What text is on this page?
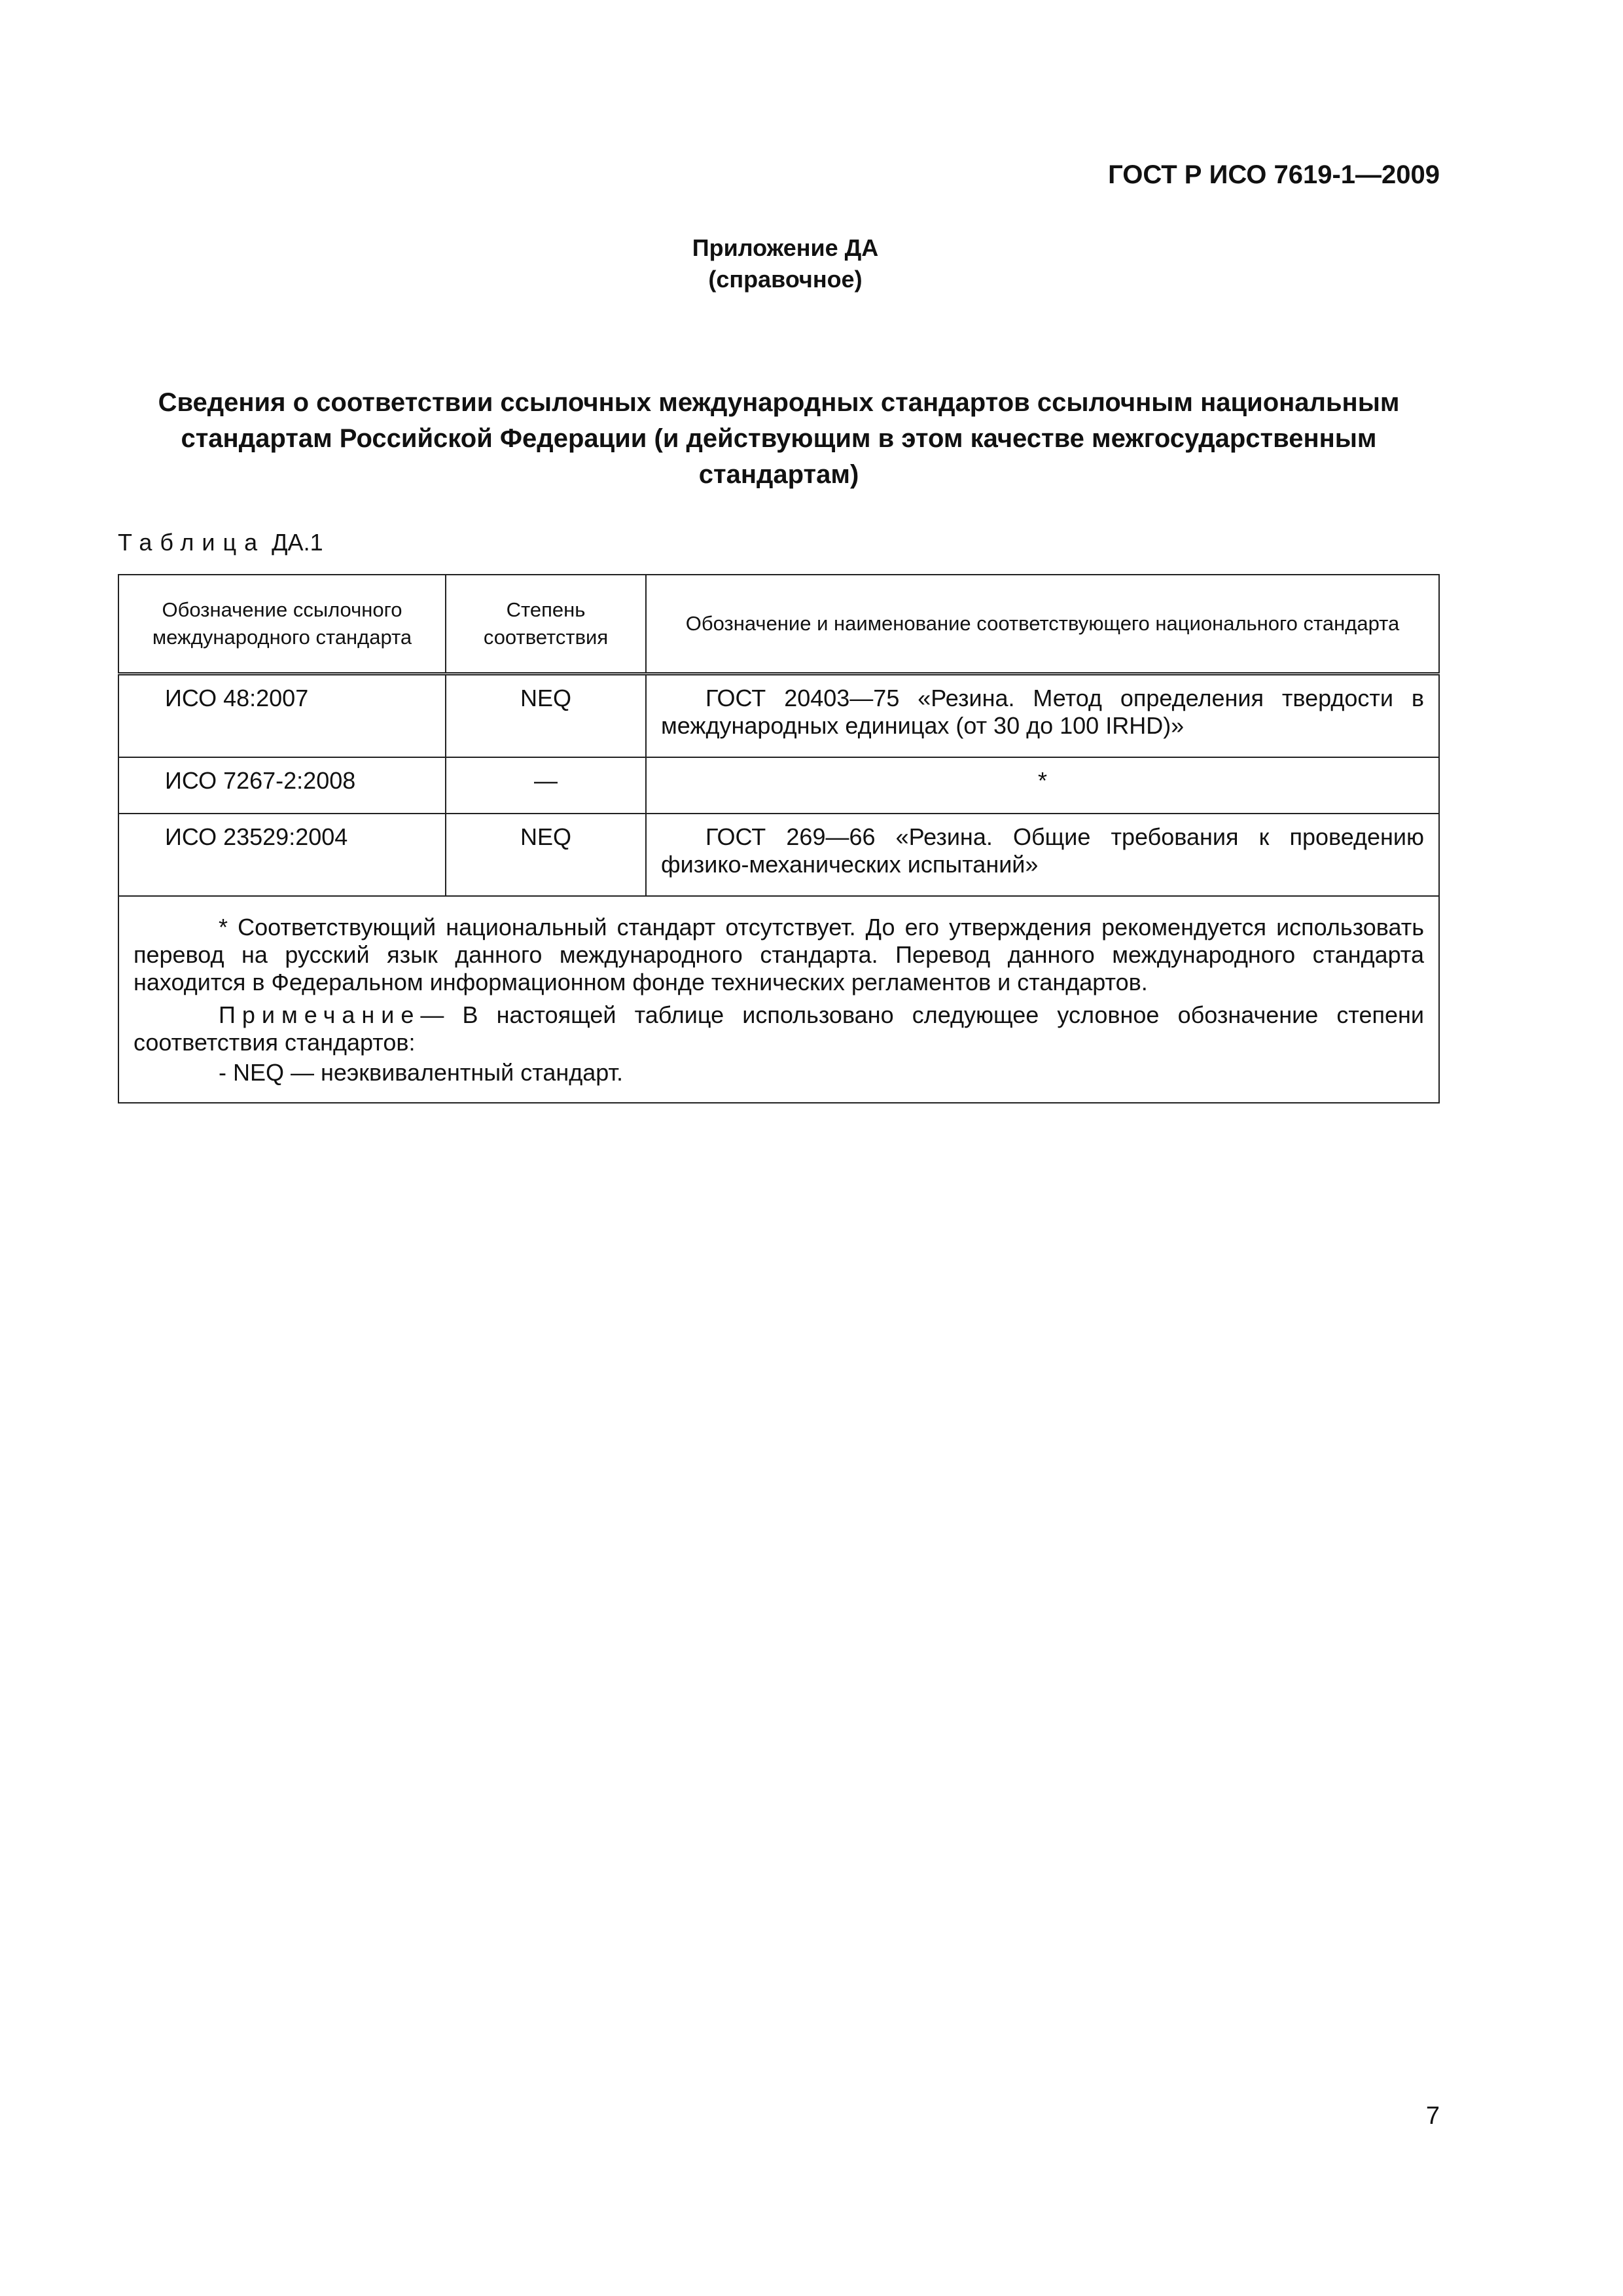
ГОСТ Р ИСО 7619-1—2009
Приложение ДА
(справочное)
Сведения о соответствии ссылочных международных стандартов ссылочным национальным стандартам Российской Федерации (и действующим в этом качестве межгосударственным стандартам)
Таблица ДА.1
Обозначение ссылочного международного стандарта	Степень соответствия	Обозначение и наименование соответствующего национального стандарта
ИСО 48:2007	NEQ	ГОСТ 20403—75 «Резина. Метод определения твердости в международных единицах (от 30 до 100 IRHD)»
ИСО 7267-2:2008	—	*
ИСО 23529:2004	NEQ	ГОСТ 269—66 «Резина. Общие требования к проведению физико-механических испытаний»

* Соответствующий национальный стандарт отсутствует. До его утверждения рекомендуется использовать перевод на русский язык данного международного стандарта. Перевод данного международного стандарта находится в Федеральном информационном фонде технических регламентов и стандартов.

Примечание— В настоящей таблице использовано следующее условное обозначение степени соответствия стандартов:

- NEQ — неэквивалентный стандарт.		
7
